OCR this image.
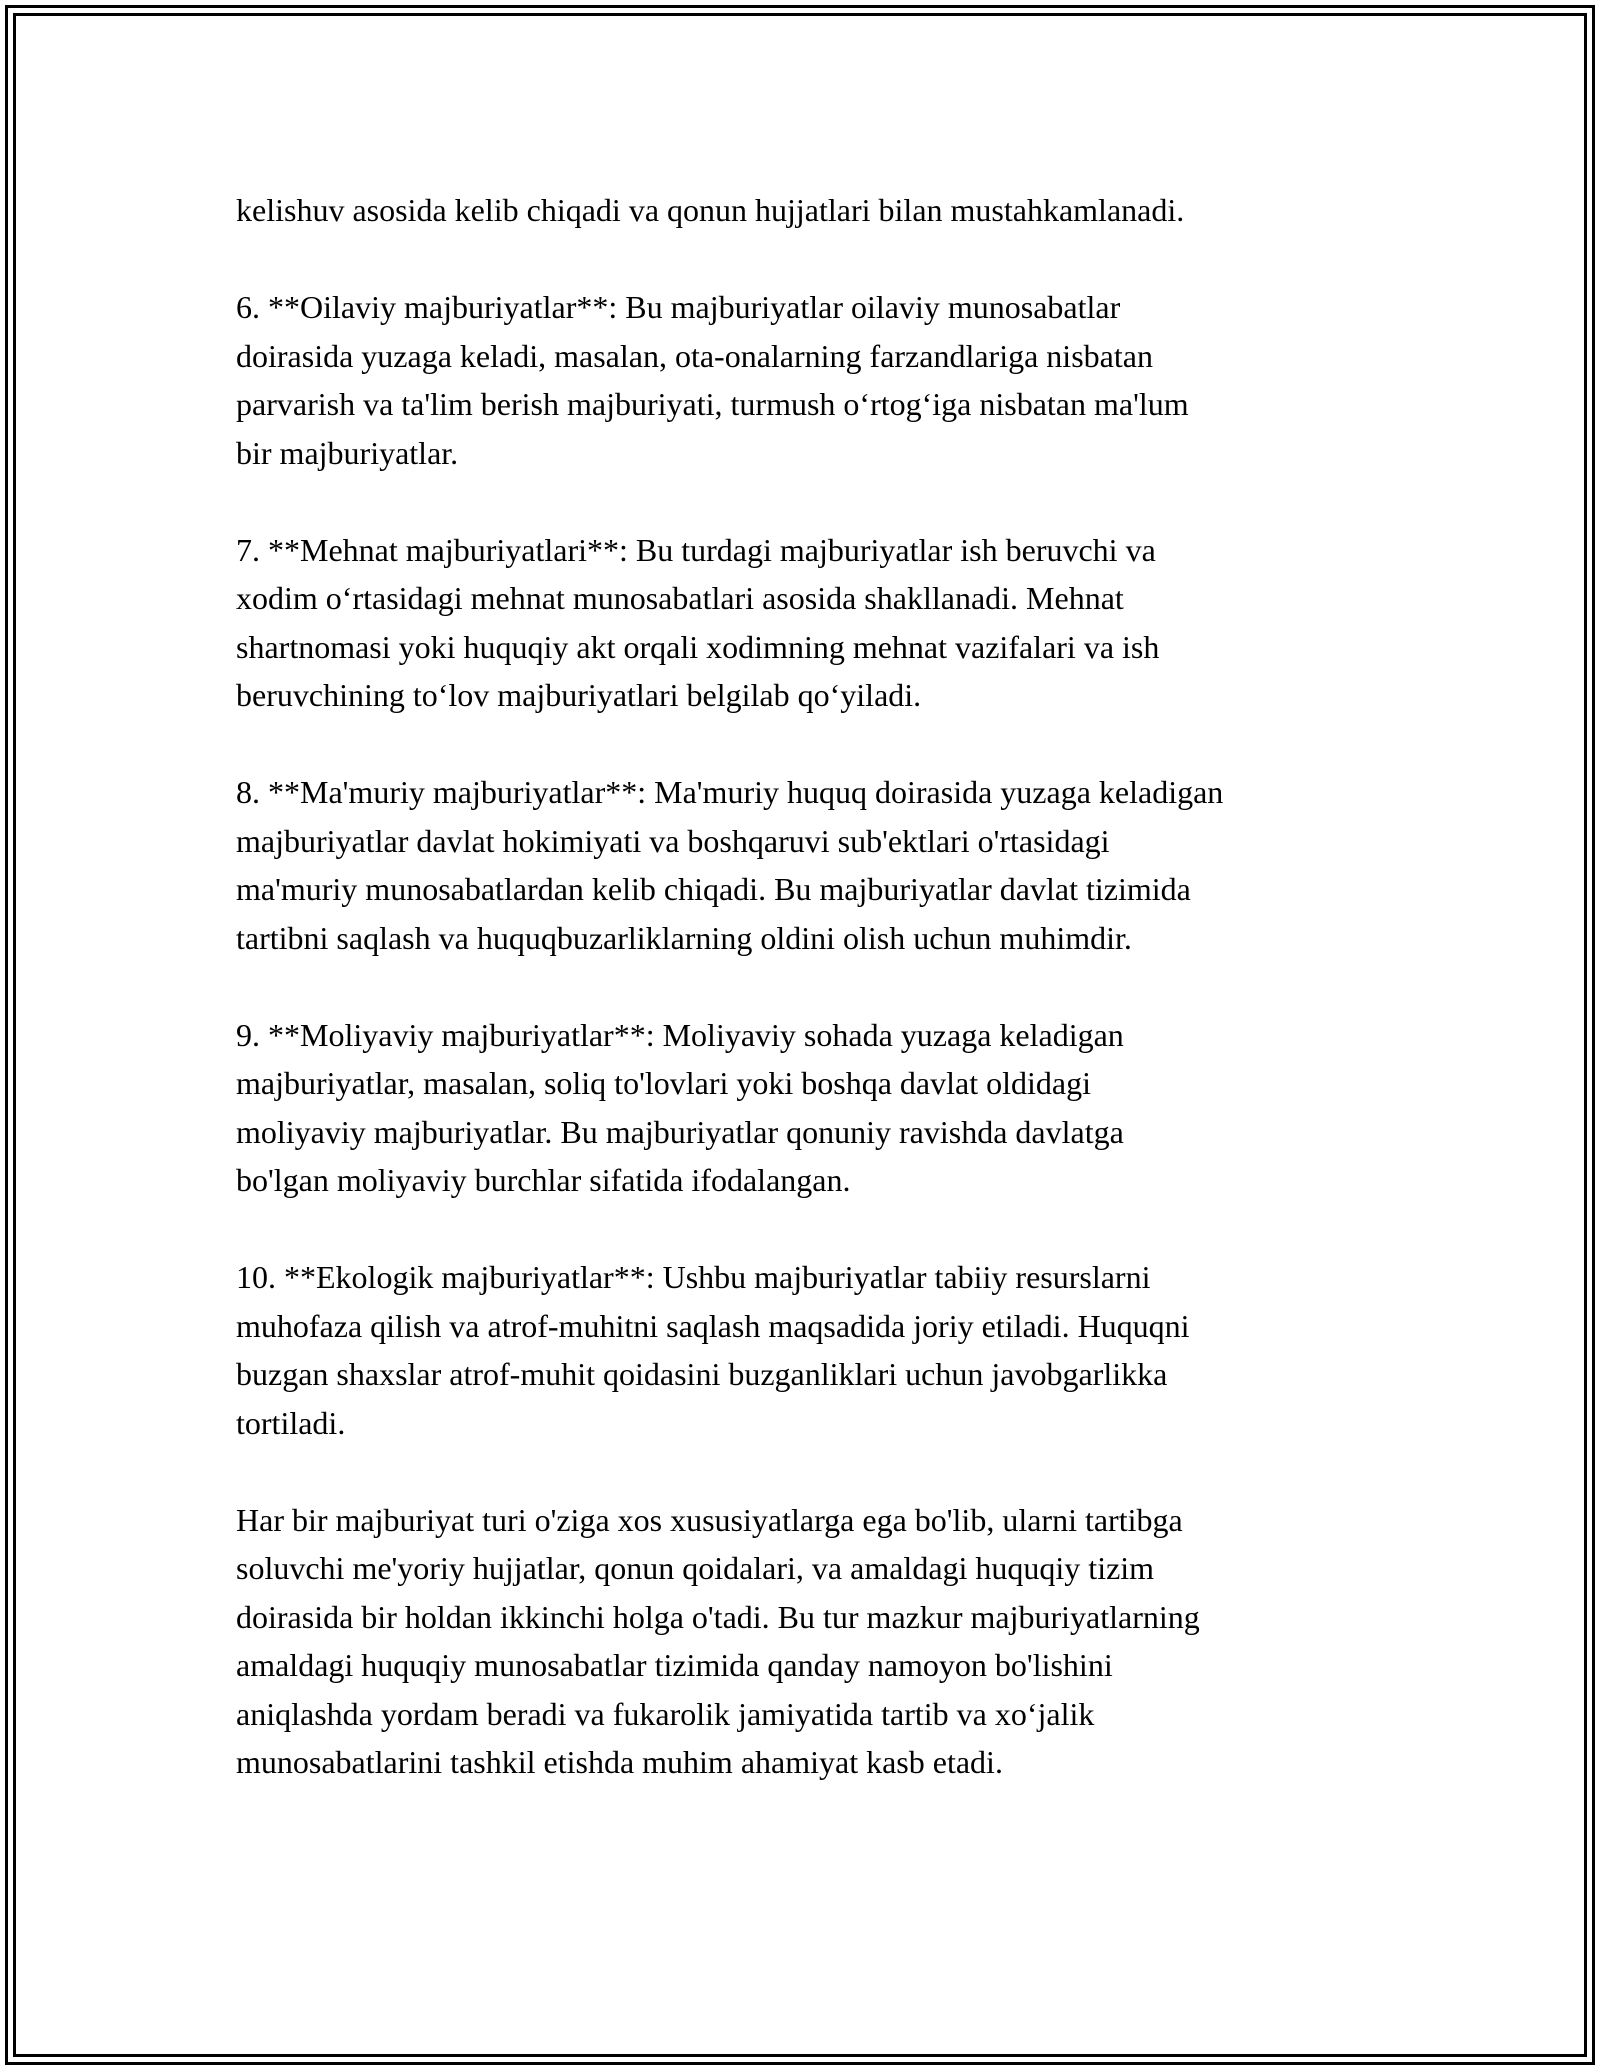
kelishuv asosida kelib chiqadi va qonun hujjatlari bilan mustahkamlanadi.

6. **Oilaviy majburiyatlar**: Bu majburiyatlar oilaviy munosabatlar
doirasida yuzaga keladi, masalan, ota-onalarning farzandlariga nisbatan
parvarish va ta'lim berish majburiyati, turmush o‘rtog‘iga nisbatan ma'lum
bir majburiyatlar.

7. **Mehnat majburiyatlari**: Bu turdagi majburiyatlar ish beruvchi va
xodim o‘rtasidagi mehnat munosabatlari asosida shakllanadi. Mehnat
shartnomasi yoki huquqiy akt orqali xodimning mehnat vazifalari va ish
beruvchining to‘lov majburiyatlari belgilab qo‘yiladi.

8. **Ma'muriy majburiyatlar**: Ma'muriy huquq doirasida yuzaga keladigan
majburiyatlar davlat hokimiyati va boshqaruvi sub'ektlari o'rtasidagi
ma'muriy munosabatlardan kelib chiqadi. Bu majburiyatlar davlat tizimida
tartibni saqlash va huquqbuzarliklarning oldini olish uchun muhimdir.

9. **Moliyaviy majburiyatlar**: Moliyaviy sohada yuzaga keladigan
majburiyatlar, masalan, soliq to'lovlari yoki boshqa davlat oldidagi
moliyaviy majburiyatlar. Bu majburiyatlar qonuniy ravishda davlatga
bo'lgan moliyaviy burchlar sifatida ifodalangan.

10. **Ekologik majburiyatlar**: Ushbu majburiyatlar tabiiy resurslarni
muhofaza qilish va atrof-muhitni saqlash maqsadida joriy etiladi. Huquqni
buzgan shaxslar atrof-muhit qoidasini buzganliklari uchun javobgarlikka
tortiladi.

Har bir majburiyat turi o'ziga xos xususiyatlarga ega bo'lib, ularni tartibga
soluvchi me'yoriy hujjatlar, qonun qoidalari, va amaldagi huquqiy tizim
doirasida bir holdan ikkinchi holga o'tadi. Bu tur mazkur majburiyatlarning
amaldagi huquqiy munosabatlar tizimida qanday namoyon bo'lishini
aniqlashda yordam beradi va fukarolik jamiyatida tartib va xo‘jalik
munosabatlarini tashkil etishda muhim ahamiyat kasb etadi.
